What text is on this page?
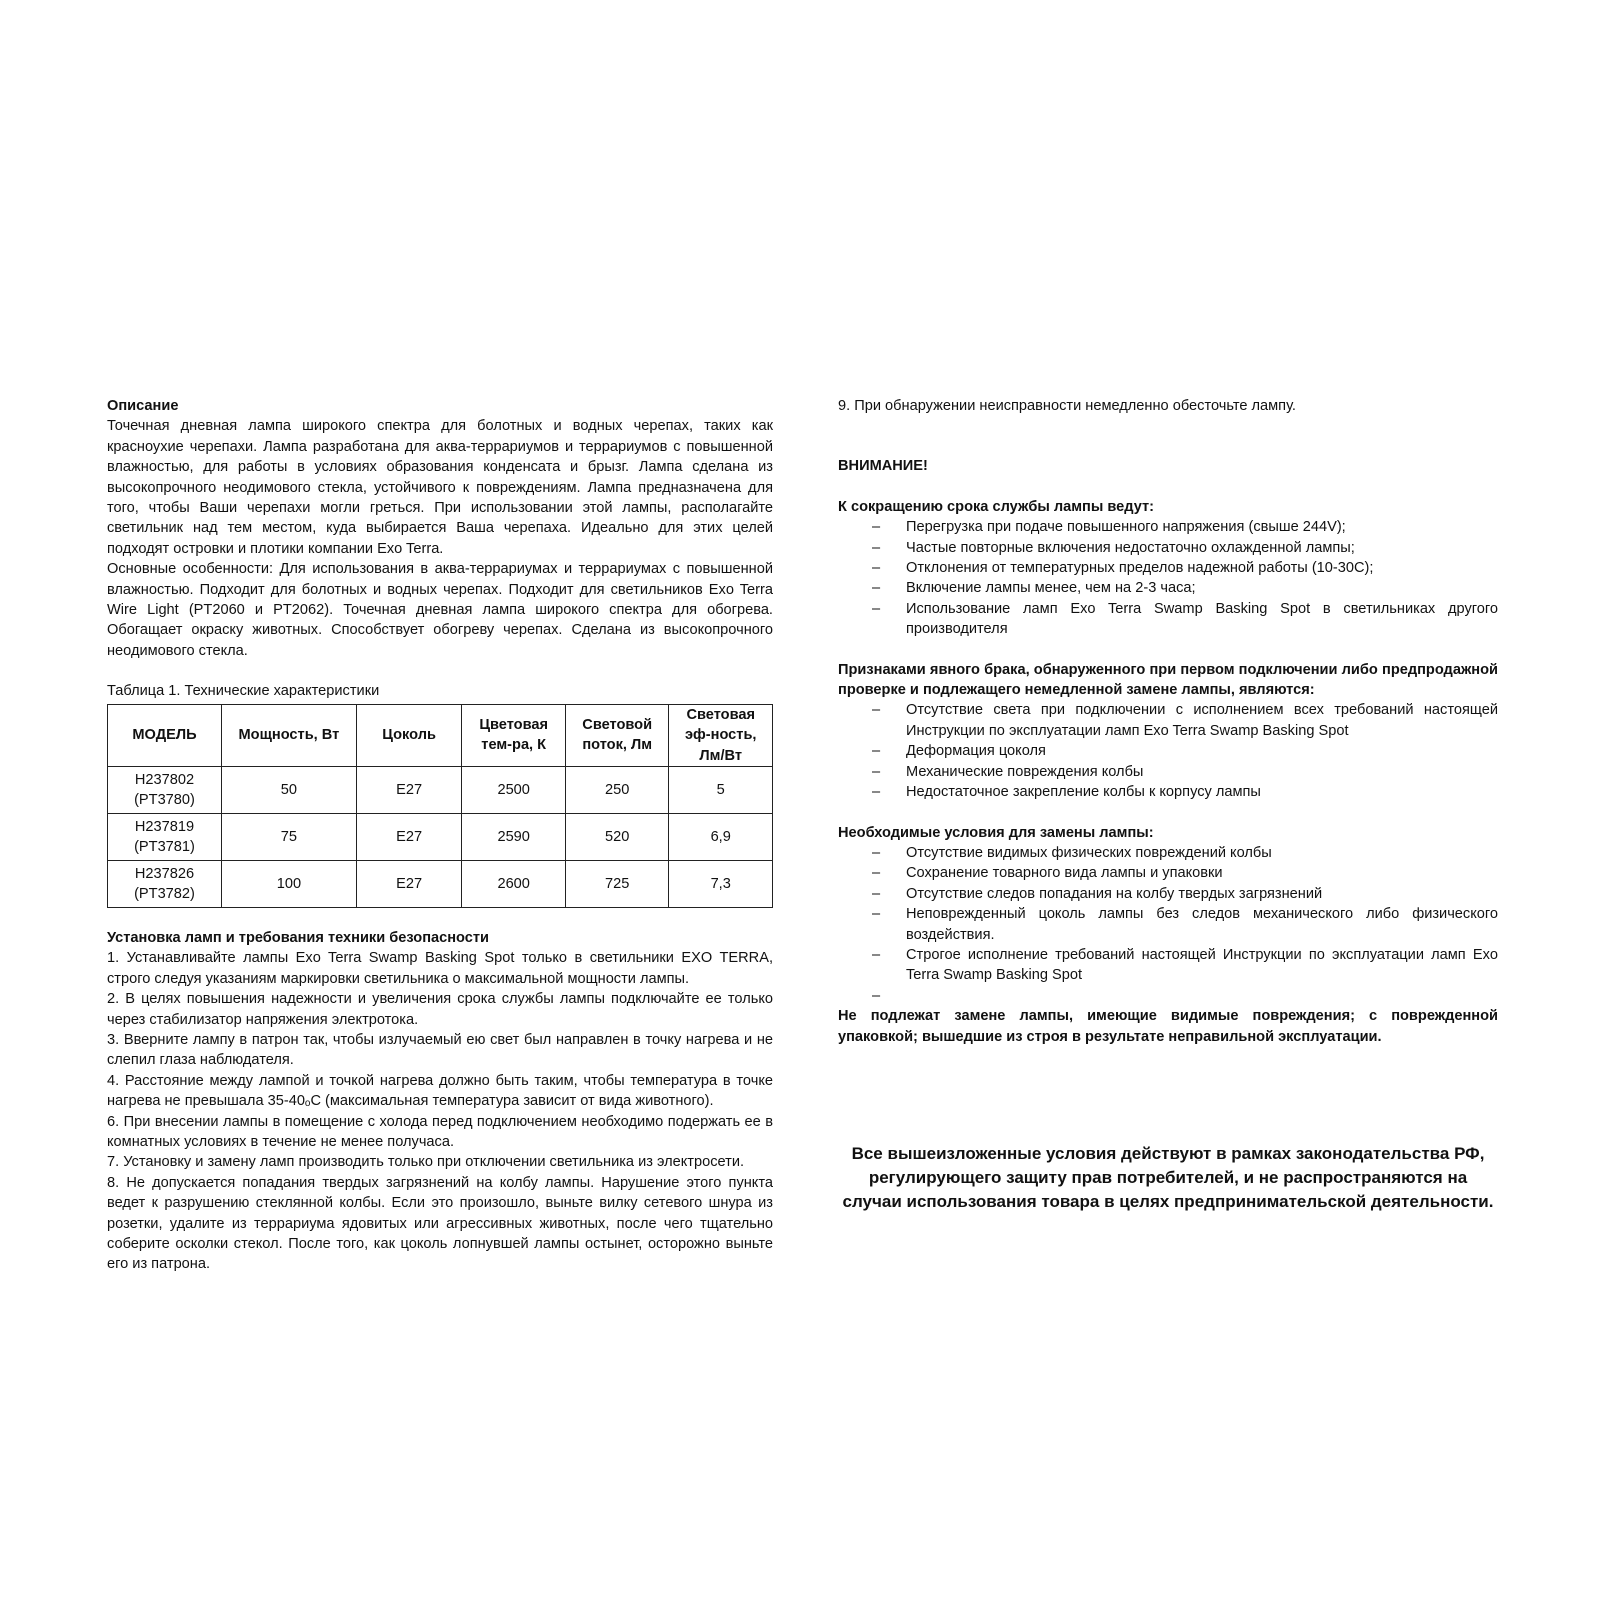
Описание

Точечная дневная лампа широкого спектра для болотных и водных черепах, таких как красноухие черепахи. Лампа разработана для аква-террариумов и террариумов с повышенной влажностью, для работы в условиях образования конденсата и брызг. Лампа сделана из высокопрочного неодимового стекла, устойчивого к повреждениям. Лампа предназначена для того, чтобы Ваши черепахи могли греться. При использовании этой лампы, располагайте светильник над тем местом, куда выбирается Ваша черепаха. Идеально для этих целей подходят островки и плотики компании Exo Terra.

Основные особенности: Для использования в аква-террариумах и террариумах с повышенной влажностью. Подходит для болотных и водных черепах. Подходит для светильников Exo Terra Wire Light (PT2060 и PT2062). Точечная дневная лампа широкого спектра для обогрева. Обогащает окраску животных. Способствует обогреву черепах. Сделана из высокопрочного неодимового стекла.

Таблица 1. Технические характеристики
МОДЕЛЬ	Мощность, Вт	Цоколь	Цветовая тем-ра, К	Световой поток, Лм	Световая эф-ность, Лм/Вт
H237802 (PT3780)	50	E27	2500	250	5
H237819 (PT3781)	75	E27	2590	520	6,9
H237826 (PT3782)	100	E27	2600	725	7,3
Установка ламп и требования техники безопасности

1. Устанавливайте лампы Exo Terra Swamp Basking Spot только в светильники EXO TERRA, строго следуя указаниям маркировки светильника о максимальной мощности лампы.

2. В целях повышения надежности и увеличения срока службы лампы подключайте ее только через стабилизатор напряжения электротока.

3. Вверните лампу в патрон так, чтобы излучаемый ею свет был направлен в точку нагрева и не слепил глаза наблюдателя.

4. Расстояние между лампой и точкой нагрева должно быть таким, чтобы температура в точке нагрева не превышала 35-40ₒС (максимальная температура зависит от вида животного).

6. При внесении лампы в помещение с холода перед подключением необходимо подержать ее в комнатных условиях в течение не менее получаса.

7. Установку и замену ламп производить только при отключении светильника из электросети.

8. Не допускается попадания твердых загрязнений на колбу лампы. Нарушение этого пункта ведет к разрушению стеклянной колбы. Если это произошло, выньте вилку сетевого шнура из розетки, удалите из террариума ядовитых или агрессивных животных, после чего тщательно соберите осколки стекол. После того, как цоколь лопнувшей лампы остынет, осторожно выньте его из патрона.

9. При обнаружении неисправности немедленно обесточьте лампу.

ВНИМАНИЕ!
К сокращению срока службы лампы ведут:
– Перегрузка при подаче повышенного напряжения (свыше 244V);
– Частые повторные включения недостаточно охлажденной лампы;
– Отклонения от температурных пределов надежной работы (10-30С);
– Включение лампы менее, чем на 2-3 часа;
– Использование ламп Exo Terra Swamp Basking Spot в светильниках другого производителя

Признаками явного брака, обнаруженного при первом подключении либо предпродажной проверке и подлежащего немедленной замене лампы, являются:

– Отсутствие света при подключении с исполнением всех требований настоящей Инструкции по эксплуатации ламп Exo Terra Swamp Basking Spot
– Деформация цоколя
– Механические повреждения колбы
– Недостаточное закрепление колбы к корпусу лампы
Необходимые условия для замены лампы:
– Отсутствие видимых физических повреждений колбы
– Сохранение товарного вида лампы и упаковки
– Отсутствие следов попадания на колбу твердых загрязнений
– Неповрежденный цоколь лампы без следов механического либо физического воздействия.
– Строгое исполнение требований настоящей Инструкции по эксплуатации ламп Exo Terra Swamp Basking Spot
–

Не подлежат замене лампы, имеющие видимые повреждения; с поврежденной упаковкой; вышедшие из строя в результате неправильной эксплуатации.

Все вышеизложенные условия действуют в рамках законодательства РФ, регулирующего защиту прав потребителей, и не распространяются на случаи использования товара в целях предпринимательской деятельности.
